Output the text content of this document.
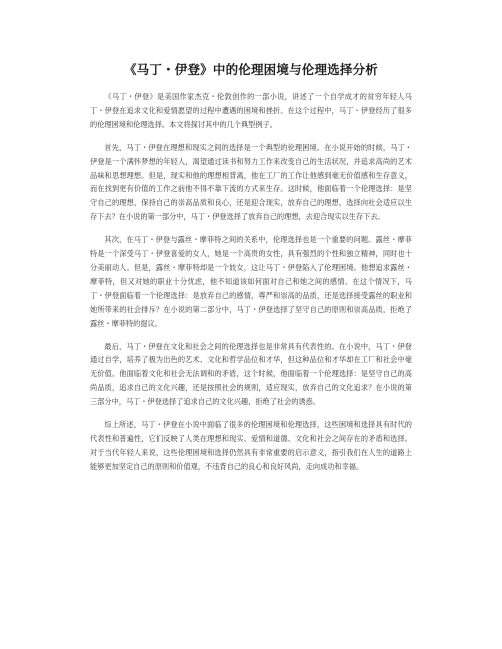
《马丁・伊登》中的伦理困境与伦理选择分析

《马丁・伊登》是美国作家杰克・伦敦创作的一部小说，讲述了一个自学成才的贫穷年轻人马丁・伊登在追求文化和爱情愿望的过程中遭遇的困境和挫折。在这个过程中，马丁・伊登经历了很多的伦理困境和伦理选择。本文将探讨其中的几个典型例子。

首先，马丁・伊登在理想和现实之间的选择是一个典型的伦理困境。在小说开始的时候，马丁・伊登是一个满怀梦想的年轻人，渴望通过读书和努力工作来改变自己的生活状况，并追求高尚的艺术品味和思想理想。但是，现实和他的理想相背离，他在工厂的工作让他感到毫无价值感和生存意义，而在找到更有价值的工作之前他不得不靠下流的方式来生存。这时候，他面临着一个伦理选择：是坚守自己的理想，保持自己的崇高品质和良心，还是迎合现实，放弃自己的理想，选择向社会适应以生存下去？在小说的第一部分中，马丁・伊登选择了放弃自己的理想，去迎合现实以生存下去。

其次，在马丁・伊登与露丝・摩菲特之间的关系中，伦理选择也是一个重要的问题。露丝・摩菲特是一个深受马丁・伊登喜爱的女人，她是一个高贵的女性，具有强烈的个性和独立精神，同时也十分美丽动人。但是，露丝・摩菲特却是一个妓女，这让马丁・伊登陷入了伦理困境。他想追求露丝・摩菲特，但又对她的职业十分忧虑，他不知道该如何面对自己和她之间的感情。在这个情况下，马丁・伊登面临着一个伦理选择：是放弃自己的感情，尊严和崇高的品质，还是选择接受露丝的职业和她所带来的社会排斥？在小说的第二部分中，马丁・伊登选择了坚守自己的原则和崇高品质，拒绝了露丝・摩菲特的提议。

最后，马丁・伊登在文化和社会之间的伦理选择也是非常具有代表性的。在小说中，马丁・伊登通过自学，培养了极为出色的艺术、文化和哲学品位和才华，但这种品位和才华却在工厂和社会中毫无价值。他面临着文化和社会无法调和的矛盾，这个时候，他面临着一个伦理选择：是坚守自己的高尚品质，追求自己的文化兴趣，还是按照社会的规则，适应现实，放弃自己的文化追求？在小说的第三部分中，马丁・伊登选择了追求自己的文化兴趣，拒绝了社会的诱惑。

综上所述，马丁・伊登在小说中面临了很多的伦理困境和伦理选择，这些困境和选择具有时代的代表性和普遍性，它们反映了人类在理想和现实、爱情和道德、文化和社会之间存在的矛盾和选择。对于当代年轻人来说，这些伦理困境和选择仍然具有非常重要的启示意义，指引我们在人生的道路上能够更加坚定自己的原则和价值观，不违背自己的良心和良好风尚，走向成功和幸福。
